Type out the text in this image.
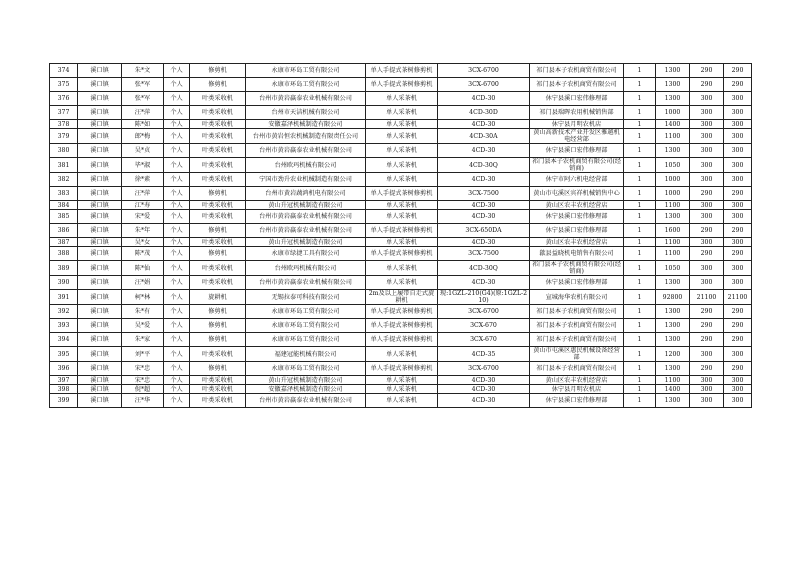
374	溪口镇	朱*文	个人	修剪机	永康市环岛工贸有限公司	单人手提式茶树修剪机	3CX-6700	祁门县本子农机商贸有限公司	1	1300	290	290
375	溪口镇	张*军	个人	修剪机	永康市环岛工贸有限公司	单人手提式茶树修剪机	3CX-6700	祁门县本子农机商贸有限公司	1	1300	290	290
376	溪口镇	张*军	个人	叶类采收机	台州市黄岩赢泰农业机械有限公司	单人采茶机	4CD-30	休宁县溪口宏伟修理部	1	1300	300	300
377	溪口镇	汪*萍	个人	叶类采收机	台州市天洁机械有限公司	单人采茶机	4CD-30D	祁门县瑞晖农用机械销售部	1	1000	300	300
378	溪口镇	陈*如	个人	叶类采收机	安徽嘉泽机械制造有限公司	单人采茶机	4CD-30	休宁县月明农机店	1	1400	300	300
379	溪口镇	郎*梅	个人	叶类采收机	台州市黄岩恒农机械制造有限责任公司	单人采茶机	4CD-30A	黄山高新技术产业开发区雅越机电经营部	1	1100	300	300
380	溪口镇	吴*贞	个人	叶类采收机	台州市黄岩赢泰农业机械有限公司	单人采茶机	4CD-30	休宁县溪口宏伟修理部	1	1300	300	300
381	溪口镇	毕*淑	个人	叶类采收机	台州欧玛机械有限公司	单人采茶机	4CD-30Q	祁门县本子农机商贸有限公司(经销商)	1	1050	300	300
382	溪口镇	徐*素	个人	叶类采收机	宁国市劲升农业机械制造有限公司	单人采茶机	4CD-30	休宁市阿六机电经营部	1	1000	300	300
383	溪口镇	汪*萍	个人	修剪机	台州市黄岩蔬鸿机电有限公司	单人手提式茶树修剪机	3CX-7500	黄山市屯溪区宾祥机械销售中心	1	1000	290	290
384	溪口镇	江*寿	个人	叶类采收机	黄山升冠机械制造有限公司	单人采茶机	4CD-30	黄山区农丰农机经营店	1	1100	300	300
385	溪口镇	宋*爱	个人	叶类采收机	台州市黄岩赢泰农业机械有限公司	单人采茶机	4CD-30	休宁县溪口宏伟修理部	1	1300	300	300
386	溪口镇	朱*年	个人	修剪机	台州市黄岩赢泰农业机械有限公司	单人手提式茶树修剪机	3CX-650DA	休宁县溪口宏伟修理部	1	1600	290	290
387	溪口镇	吴*女	个人	叶类采收机	黄山升冠机械制造有限公司	单人采茶机	4CD-30	黄山区农丰农机经营店	1	1100	300	300
388	溪口镇	陈*茂	个人	修剪机	永康市绿捷工具有限公司	单人手提式茶树修剪机	3CX-7500	歙县益晓机电销售有限公司	1	1100	290	290
389	溪口镇	陈*仙	个人	叶类采收机	台州欧玛机械有限公司	单人采茶机	4CD-30Q	祁门县本子农机商贸有限公司(经销商)	1	1050	300	300
390	溪口镇	汪*娟	个人	叶类采收机	台州市黄岩赢泰农业机械有限公司	单人采茶机	4CD-30	休宁县溪口宏伟修理部	1	1300	300	300
391	溪口镇	柯*林	个人	旋耕机	无锡拉泰可科技有限公司	2m及以上履带自走式旋耕机	现:1GZL-210(G4)(原:1GZL-210)	宣城海华农机有限公司	1	92800	21100	21100
392	溪口镇	朱*有	个人	修剪机	永康市环岛工贸有限公司	单人手提式茶树修剪机	3CX-6700	祁门县本子农机商贸有限公司	1	1300	290	290
393	溪口镇	吴*爱	个人	修剪机	永康市环岛工贸有限公司	单人手提式茶树修剪机	3CX-670	祁门县本子农机商贸有限公司	1	1300	290	290
394	溪口镇	朱*家	个人	修剪机	永康市环岛工贸有限公司	单人手提式茶树修剪机	3CX-670	祁门县本子农机商贸有限公司	1	1300	290	290
395	溪口镇	刘*平	个人	叶类采收机	福建冠能机械有限公司	单人采茶机	4CD-35	黄山市屯溪区惠民机械设备经营部	1	1200	300	300
396	溪口镇	宋*忠	个人	修剪机	永康市环岛工贸有限公司	单人手提式茶树修剪机	3CX-6700	祁门县本子农机商贸有限公司	1	1300	290	290
397	溪口镇	宋*忠	个人	叶类采收机	黄山升冠机械制造有限公司	单人采茶机	4CD-30	黄山区农丰农机经营店	1	1100	300	300
398	溪口镇	倪*超	个人	叶类采收机	安徽嘉泽机械制造有限公司	单人采茶机	4CD-30	休宁县月明农机店	1	1400	300	300
399	溪口镇	汪*华	个人	叶类采收机	台州市黄岩赢泰农业机械有限公司	单人采茶机	4CD-30	休宁县溪口宏伟修理部	1	1300	300	300
